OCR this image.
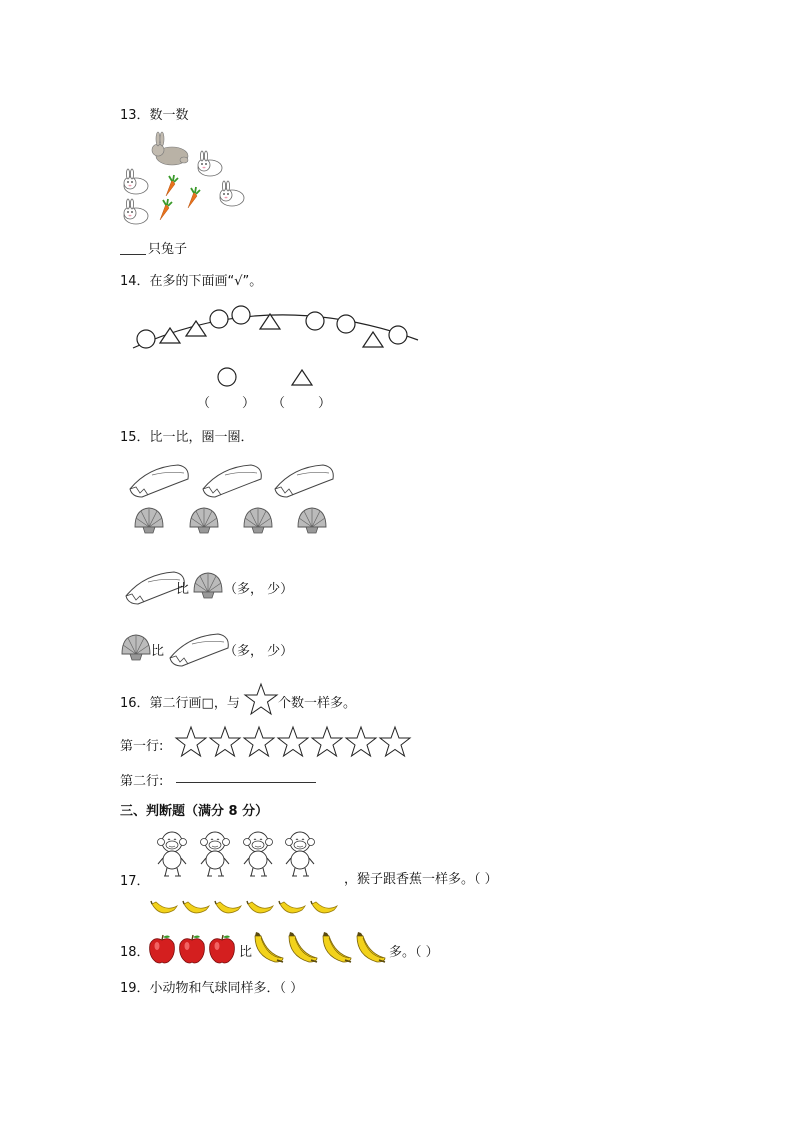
13．数一数
只兔子
14．在多的下面画“√”。
（ ） （	）
15．比一比，圈一圈．
比	（多， 少）
比	（多， 少）
16．第二行画□，与	个数一样多。
第一行:
第二行:
三、判断题（满分 8 分）
17．	，猴子跟香蕉一样多。（ ）
18．	比	多。（ ）
19．小动物和气球同样多．（ ）
